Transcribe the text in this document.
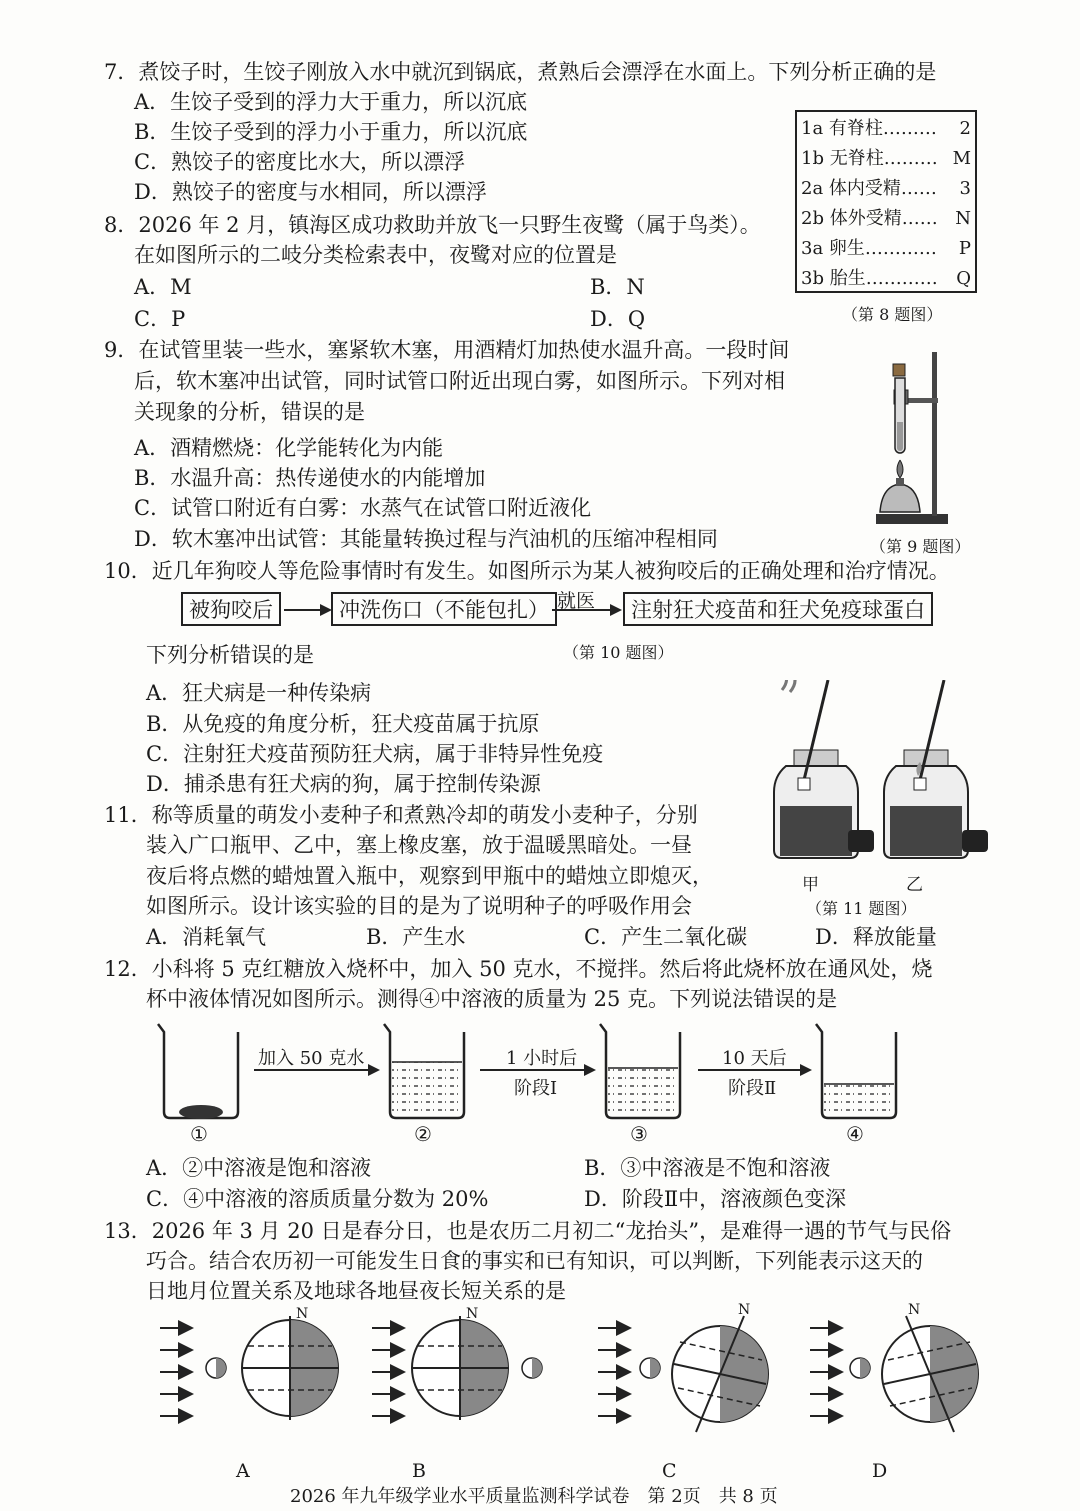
7．煮饺子时，生饺子刚放入水中就沉到锅底，煮熟后会漂浮在水面上。下列分析正确的是
A．生饺子受到的浮力大于重力，所以沉底
B．生饺子受到的浮力小于重力，所以沉底
C．熟饺子的密度比水大，所以漂浮
D．熟饺子的密度与水相同，所以漂浮
1a 有脊柱……… 2
1b 无脊柱……… M
2a 体内受精…… 3
2b 体外受精…… N
3a 卵生………… P
3b 胎生………… Q
（第 8 题图）
8．2026 年 2 月，镇海区成功救助并放飞一只野生夜鹭（属于鸟类）。
在如图所示的二岐分类检索表中，夜鹭对应的位置是
A．M	B．N
C．P	D．Q
9．在试管里装一些水，塞紧软木塞，用酒精灯加热使水温升高。一段时间
后，软木塞冲出试管，同时试管口附近出现白雾，如图所示。下列对相
关现象的分析，错误的是
A．酒精燃烧：化学能转化为内能
B．水温升高：热传递使水的内能增加
C．试管口附近有白雾：水蒸气在试管口附近液化
D．软木塞冲出试管：其能量转换过程与汽油机的压缩冲程相同	（第 9 题图）
10．近几年狗咬人等危险事情时有发生。如图所示为某人被狗咬后的正确处理和治疗情况。
被狗咬后	冲洗伤口（不能包扎） 就医	注射狂犬疫苗和狂犬免疫球蛋白
（第 10 题图）
下列分析错误的是
A．狂犬病是一种传染病
B．从免疫的角度分析，狂犬疫苗属于抗原
C．注射狂犬疫苗预防狂犬病，属于非特异性免疫
D．捕杀患有狂犬病的狗，属于控制传染源
甲	乙
（第 11 题图）
11．称等质量的萌发小麦种子和煮熟冷却的萌发小麦种子，分别
装入广口瓶甲、乙中，塞上橡皮塞，放于温暖黑暗处。一昼
夜后将点燃的蜡烛置入瓶中，观察到甲瓶中的蜡烛立即熄灭，
如图所示。设计该实验的目的是为了说明种子的呼吸作用会
A．消耗氧气	B．产生水	C．产生二氧化碳	D．释放能量
12．小科将 5 克红糖放入烧杯中，加入 50 克水，不搅拌。然后将此烧杯放在通风处，烧
杯中液体情况如图所示。测得④中溶液的质量为 25 克。下列说法错误的是
加入 50 克水	1 小时后
阶段Ⅰ
10 天后
阶段Ⅱ
①	②	③	④
A．②中溶液是饱和溶液	B．③中溶液是不饱和溶液
C．④中溶液的溶质质量分数为 20%	D．阶段Ⅱ中，溶液颜色变深
13．2026 年 3 月 20 日是春分日，也是农历二月初二“龙抬头”，是难得一遇的节气与民俗
巧合。结合农历初一可能发生日食的事实和已有知识，可以判断，下列能表示这天的
日地月位置关系及地球各地昼夜长短关系的是
N	N	N	N
A	B	C	D
2026 年九年级学业水平质量监测科学试卷　第 2页　共 8 页
